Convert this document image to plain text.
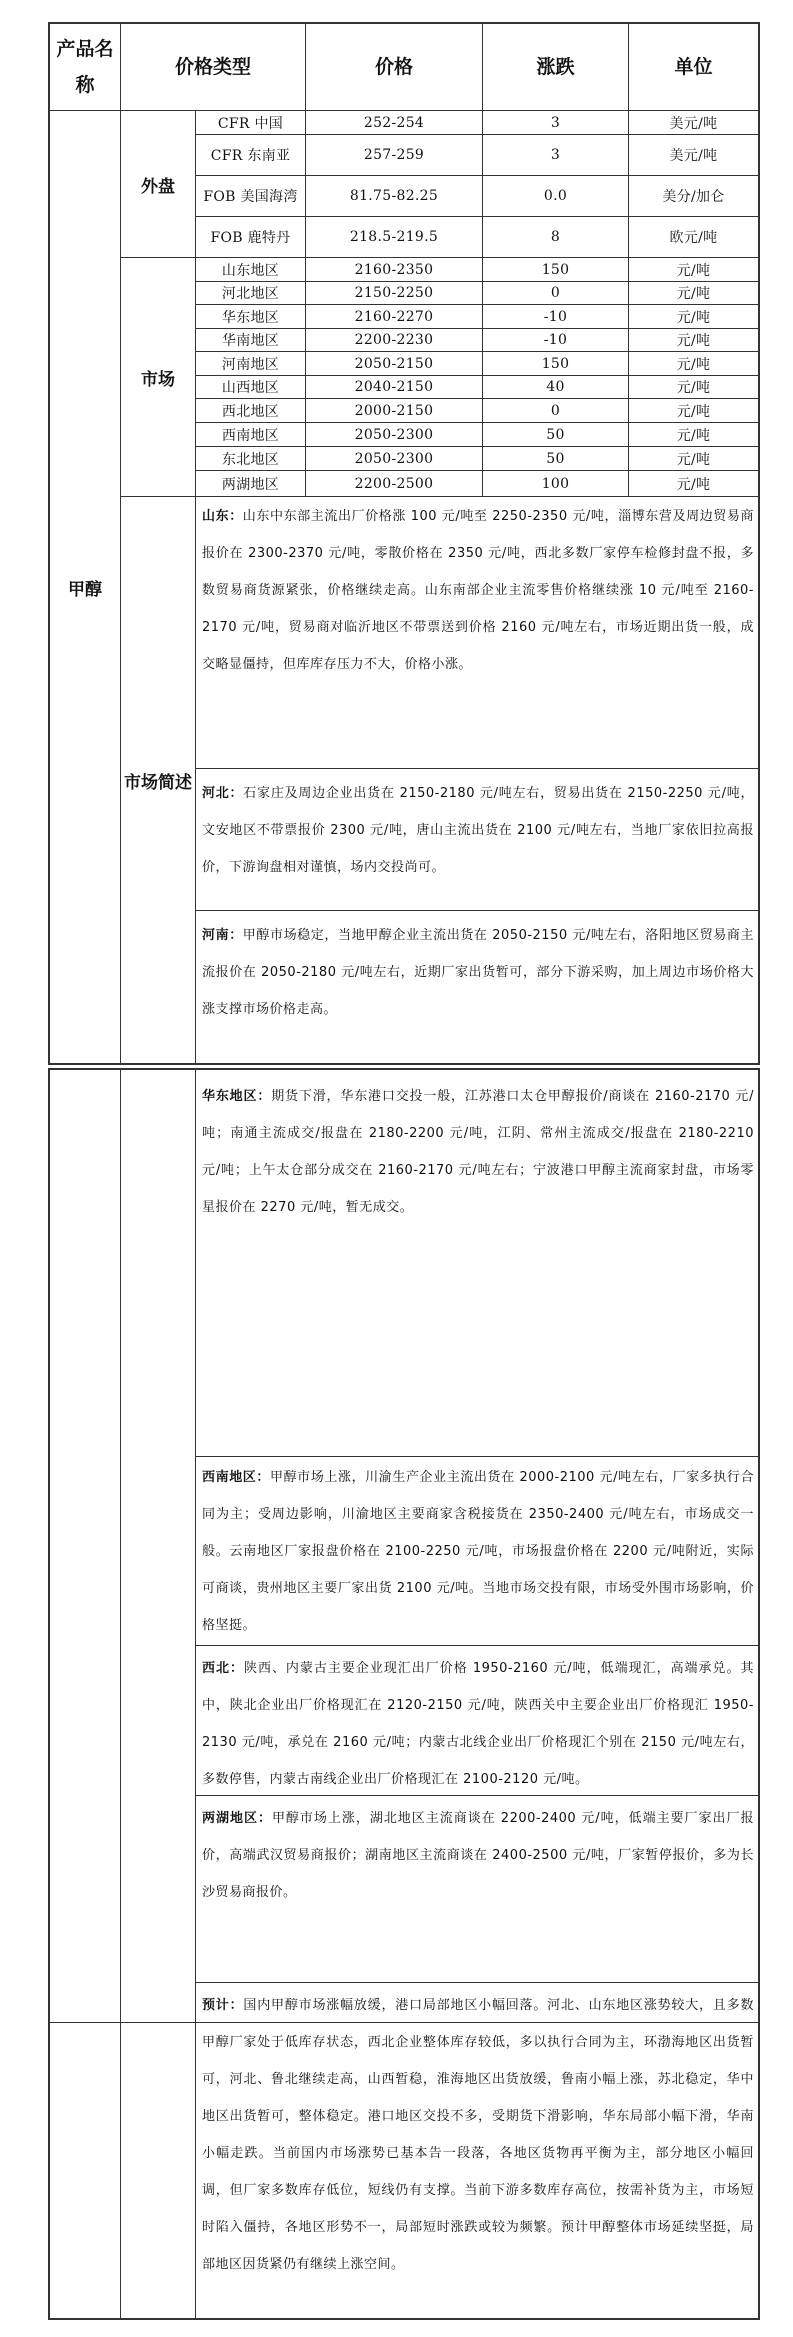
产品名称
价格类型	价格	涨跌	单位
甲醇
外盘
市场
市场简述
CFR 中国	252-254	3	美元/吨
CFR 东南亚	257-259	3	美元/吨
FOB 美国海湾	81.75-82.25	0.0	美分/加仑
FOB 鹿特丹	218.5-219.5	8	欧元/吨
山东地区	2160-2350	150	元/吨
河北地区	2150-2250	0	元/吨
华东地区	2160-2270	-10	元/吨
华南地区	2200-2230	-10	元/吨
河南地区	2050-2150	150	元/吨
山西地区	2040-2150	40	元/吨
西北地区	2000-2150	0	元/吨
西南地区	2050-2300	50	元/吨
东北地区	2050-2300	50	元/吨
两湖地区	2200-2500	100	元/吨
山东：山东中东部主流出厂价格涨 100 元/吨至 2250-2350 元/吨，淄博东营及周边贸易商报价在 2300-2370 元/吨，零散价格在 2350 元/吨，西北多数厂家停车检修封盘不报，多数贸易商货源紧张，价格继续走高。山东南部企业主流零售价格继续涨 10 元/吨至 2160-2170 元/吨，贸易商对临沂地区不带票送到价格 2160 元/吨左右，市场近期出货一般，成交略显僵持，但库库存压力不大，价格小涨。
河北：石家庄及周边企业出货在 2150-2180 元/吨左右，贸易出货在 2150-2250 元/吨，文安地区不带票报价 2300 元/吨，唐山主流出货在 2100 元/吨左右，当地厂家依旧拉高报价，下游询盘相对谨慎，场内交投尚可。
河南：甲醇市场稳定，当地甲醇企业主流出货在 2050-2150 元/吨左右，洛阳地区贸易商主流报价在 2050-2180 元/吨左右，近期厂家出货暂可，部分下游采购，加上周边市场价格大涨支撑市场价格走高。
华东地区：期货下滑，华东港口交投一般，江苏港口太仓甲醇报价/商谈在 2160-2170 元/吨；南通主流成交/报盘在 2180-2200 元/吨，江阴、常州主流成交/报盘在 2180-2210 元/吨；上午太仓部分成交在 2160-2170 元/吨左右；宁波港口甲醇主流商家封盘，市场零星报价在 2270 元/吨，暂无成交。
西南地区：甲醇市场上涨，川渝生产企业主流出货在 2000-2100 元/吨左右，厂家多执行合同为主；受周边影响，川渝地区主要商家含税接货在 2350-2400 元/吨左右，市场成交一般。云南地区厂家报盘价格在 2100-2250 元/吨，市场报盘价格在 2200 元/吨附近，实际可商谈，贵州地区主要厂家出货 2100 元/吨。当地市场交投有限，市场受外围市场影响，价格坚挺。
西北：陕西、内蒙古主要企业现汇出厂价格 1950-2160 元/吨，低端现汇，高端承兑。其中，陕北企业出厂价格现汇在 2120-2150 元/吨，陕西关中主要企业出厂价格现汇 1950-2130 元/吨，承兑在 2160 元/吨；内蒙古北线企业出厂价格现汇个别在 2150 元/吨左右，多数停售，内蒙古南线企业出厂价格现汇在 2100-2120 元/吨。
两湖地区：甲醇市场上涨，湖北地区主流商谈在 2200-2400 元/吨，低端主要厂家出厂报价，高端武汉贸易商报价；湖南地区主流商谈在 2400-2500 元/吨，厂家暂停报价，多为长沙贸易商报价。
预计：国内甲醇市场涨幅放缓，港口局部地区小幅回落。河北、山东地区涨势较大，且多数甲醇厂家处于低库存状态，西北企业整体库存较低，多以执行合同为主，环渤海地区出货暂可，河北、鲁北继续走高，山西暂稳，淮海地区出货放缓，鲁南小幅上涨，苏北稳定，华中地区出货暂可，整体稳定。港口地区交投不多，受期货下滑影响，华东局部小幅下滑，华南小幅走跌。当前国内市场涨势已基本告一段落，各地区货物再平衡为主，部分地区小幅回调，但厂家多数库存低位，短线仍有支撑。当前下游多数库存高位，按需补货为主，市场短时陷入僵持，各地区形势不一，局部短时涨跌或较为频繁。预计甲醇整体市场延续坚挺，局部地区因货紧仍有继续上涨空间。
